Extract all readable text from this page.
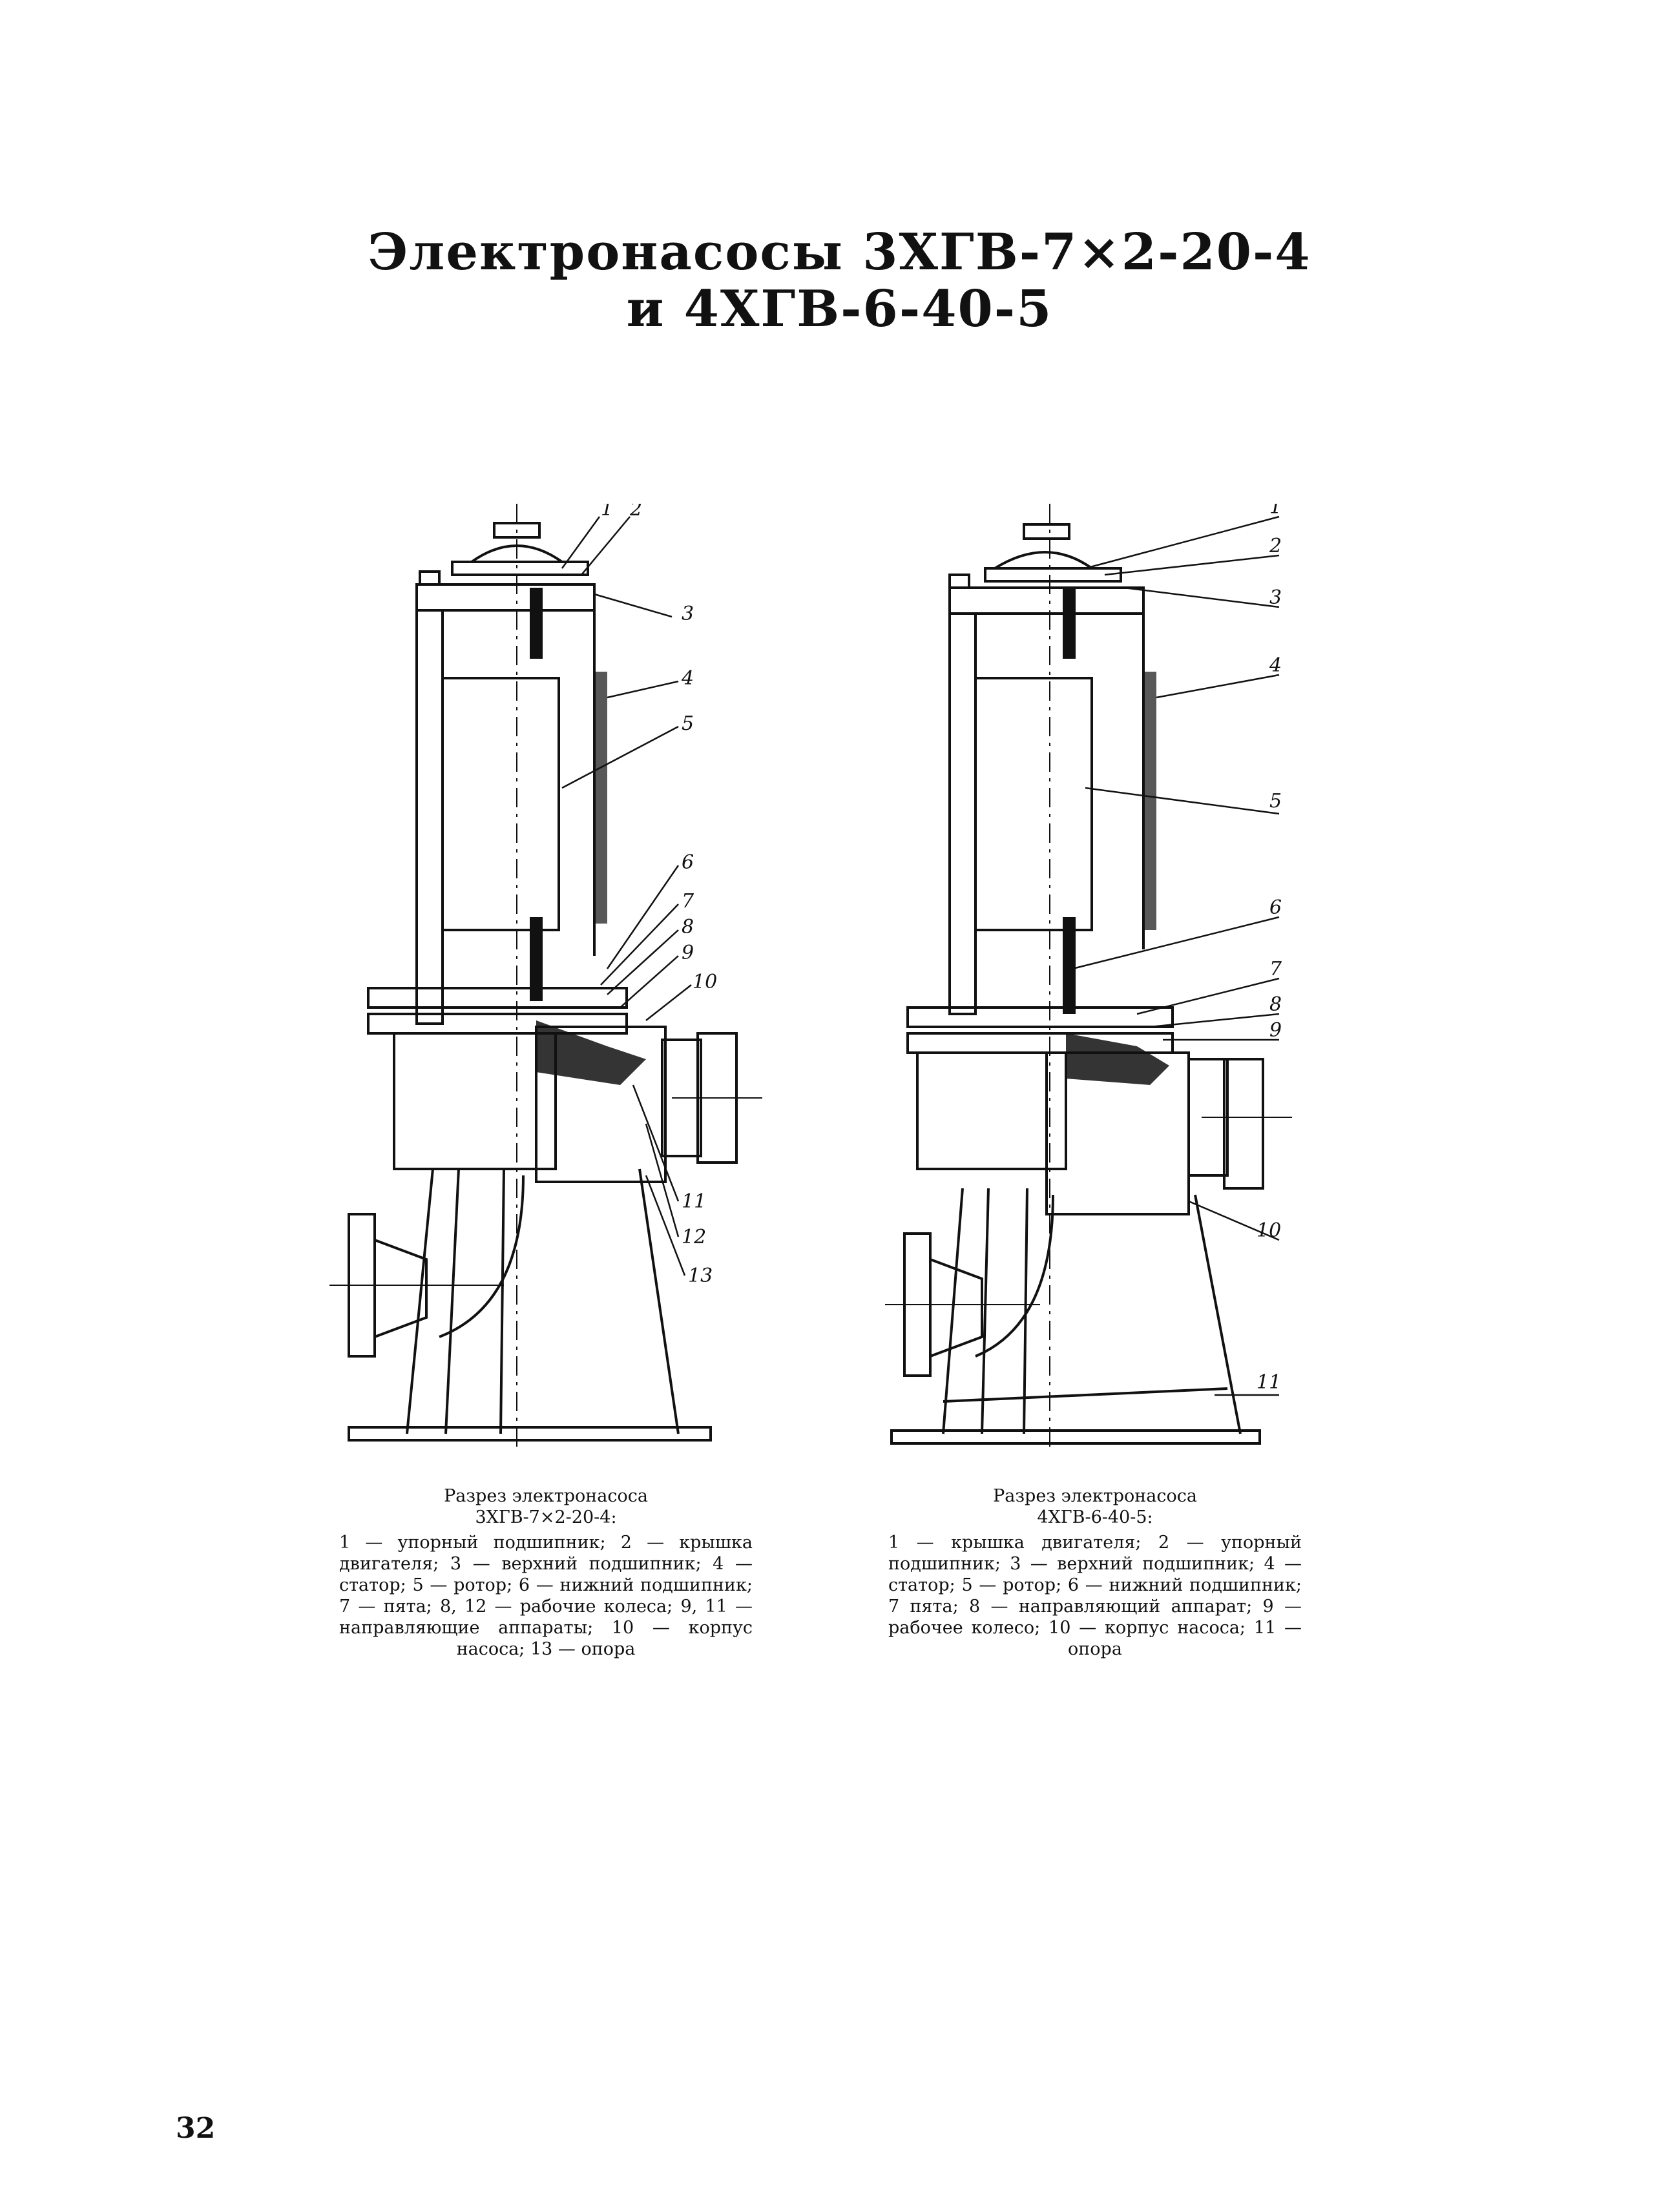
Электронасосы 3ХГВ-7×2-20-4
и 4ХГВ-6-40-5
1 2
3
4
5
6
7
8
9
10
11
12
13
1
2
3
4
5
6
7
8
9
10
11
Разрез электронасоса
3ХГВ-7×2-20-4:
1 — упорный подшипник; 2 — крышка двигателя; 3 — верхний подшипник; 4 — статор; 5 — ротор; 6 — нижний подшипник; 7 — пята; 8, 12 — рабочие колеса; 9, 11 — направляющие аппараты; 10 — корпус насоса; 13 — опора
Разрез электронасоса
4ХГВ-6-40-5:
1 — крышка двигателя; 2 — упорный подшипник; 3 — верхний подшипник; 4 — статор; 5 — ротор; 6 — нижний подшипник; 7 пята; 8 — направляющий аппарат; 9 — рабочее колесо; 10 — корпус насоса; 11 — опора
32
